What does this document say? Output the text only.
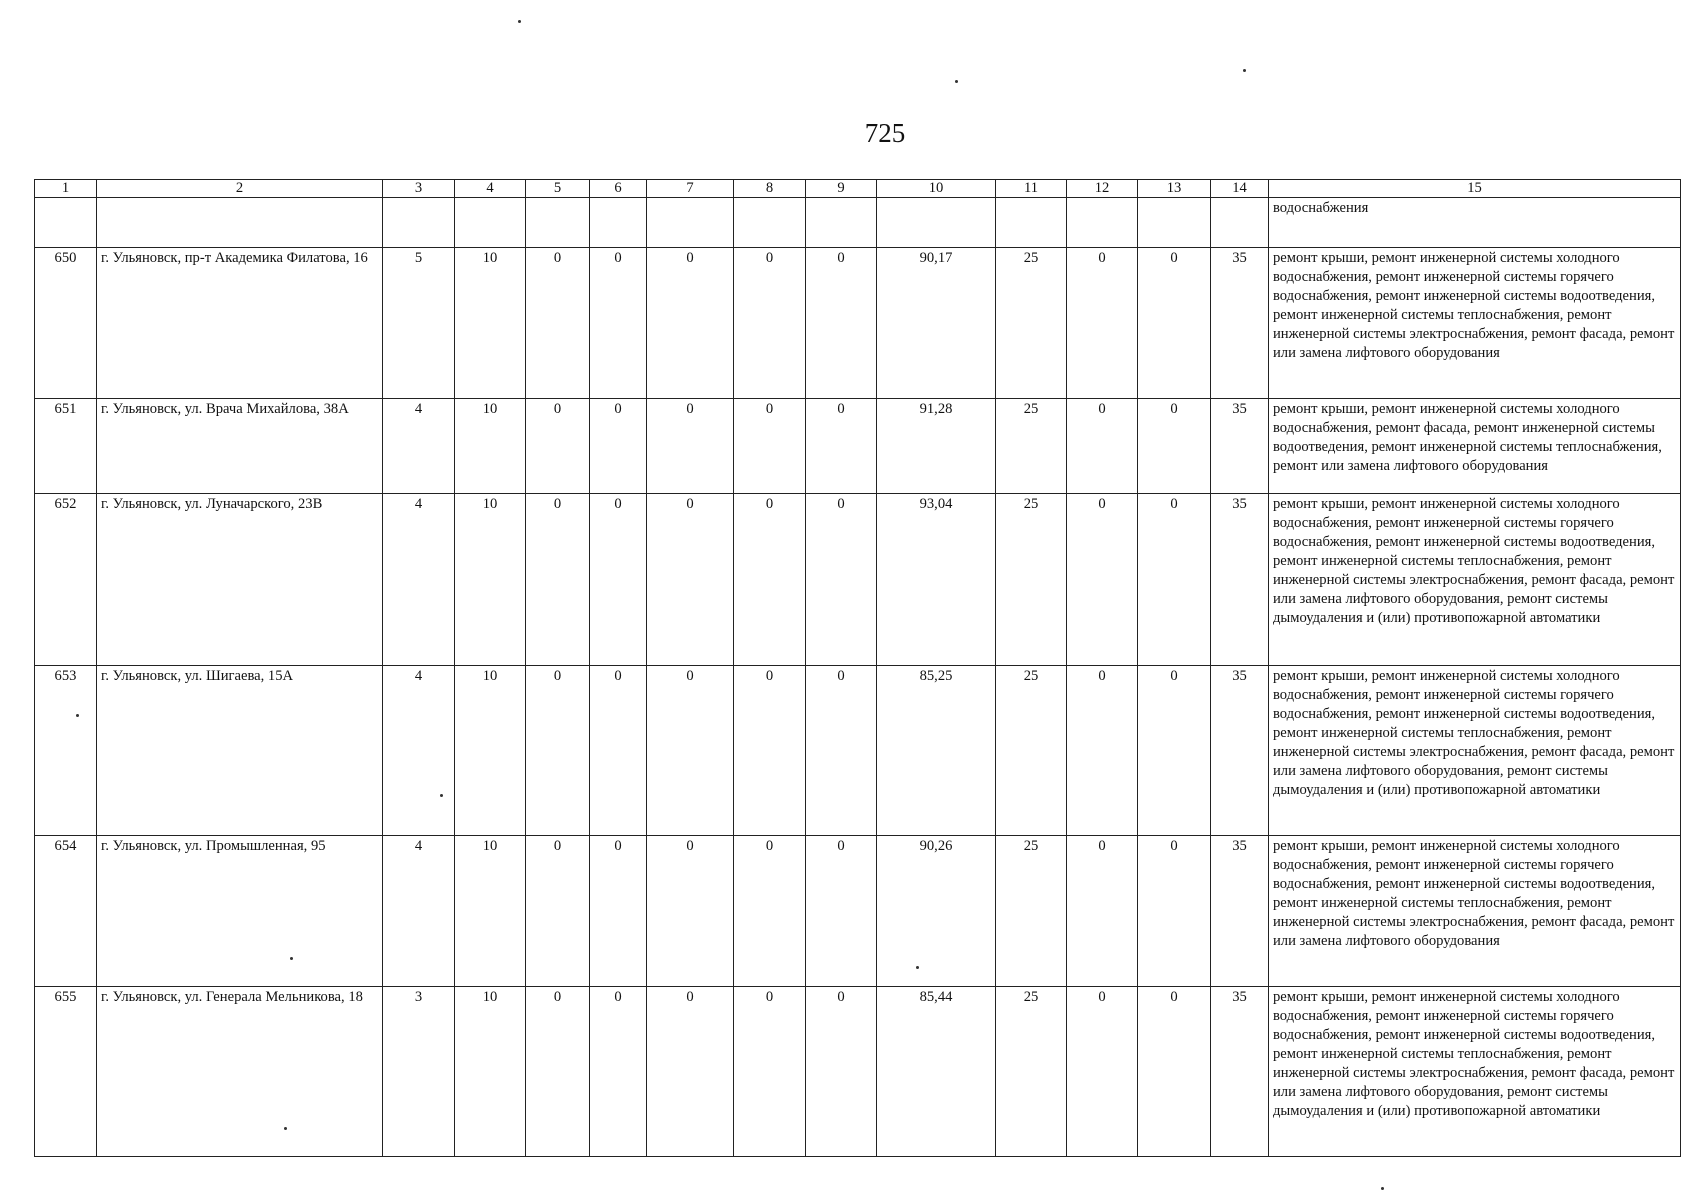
725
1	2	3	4	5	6	7	8	9	10	11	12	13	14	15
														водоснабжения
650	г. Ульяновск, пр-т Академика Филатова, 16	5	10	0	0	0	0	0	90,17	25	0	0	35	ремонт крыши, ремонт инженерной системы холодного водоснабжения, ремонт инженерной системы горячего водоснабжения, ремонт инженерной системы водоотведения, ремонт инженерной системы теплоснабжения, ремонт инженерной системы электроснабжения, ремонт фасада, ремонт или замена лифтового оборудования
651	г. Ульяновск, ул. Врача Михайлова, 38А	4	10	0	0	0	0	0	91,28	25	0	0	35	ремонт крыши, ремонт инженерной системы холодного водоснабжения, ремонт фасада, ремонт инженерной системы водоотведения, ремонт инженерной системы теплоснабжения, ремонт или замена лифтового оборудования
652	г. Ульяновск, ул. Луначарского, 23В	4	10	0	0	0	0	0	93,04	25	0	0	35	ремонт крыши, ремонт инженерной системы холодного водоснабжения, ремонт инженерной системы горячего водоснабжения, ремонт инженерной системы водоотведения, ремонт инженерной системы теплоснабжения, ремонт инженерной системы электроснабжения, ремонт фасада, ремонт или замена лифтового оборудования, ремонт системы дымоудаления и (или) противопожарной автоматики
653	г. Ульяновск, ул. Шигаева, 15А	4	10	0	0	0	0	0	85,25	25	0	0	35	ремонт крыши, ремонт инженерной системы холодного водоснабжения, ремонт инженерной системы горячего водоснабжения, ремонт инженерной системы водоотведения, ремонт инженерной системы теплоснабжения, ремонт инженерной системы электроснабжения, ремонт фасада, ремонт или замена лифтового оборудования, ремонт системы дымоудаления и (или) противопожарной автоматики
654	г. Ульяновск, ул. Промышленная, 95	4	10	0	0	0	0	0	90,26	25	0	0	35	ремонт крыши, ремонт инженерной системы холодного водоснабжения, ремонт инженерной системы горячего водоснабжения, ремонт инженерной системы водоотведения, ремонт инженерной системы теплоснабжения, ремонт инженерной системы электроснабжения, ремонт фасада, ремонт или замена лифтового оборудования
655	г. Ульяновск, ул. Генерала Мельникова, 18	3	10	0	0	0	0	0	85,44	25	0	0	35	ремонт крыши, ремонт инженерной системы холодного водоснабжения, ремонт инженерной системы горячего водоснабжения, ремонт инженерной системы водоотведения, ремонт инженерной системы теплоснабжения, ремонт инженерной системы электроснабжения, ремонт фасада, ремонт или замена лифтового оборудования, ремонт системы дымоудаления и (или) противопожарной автоматики
